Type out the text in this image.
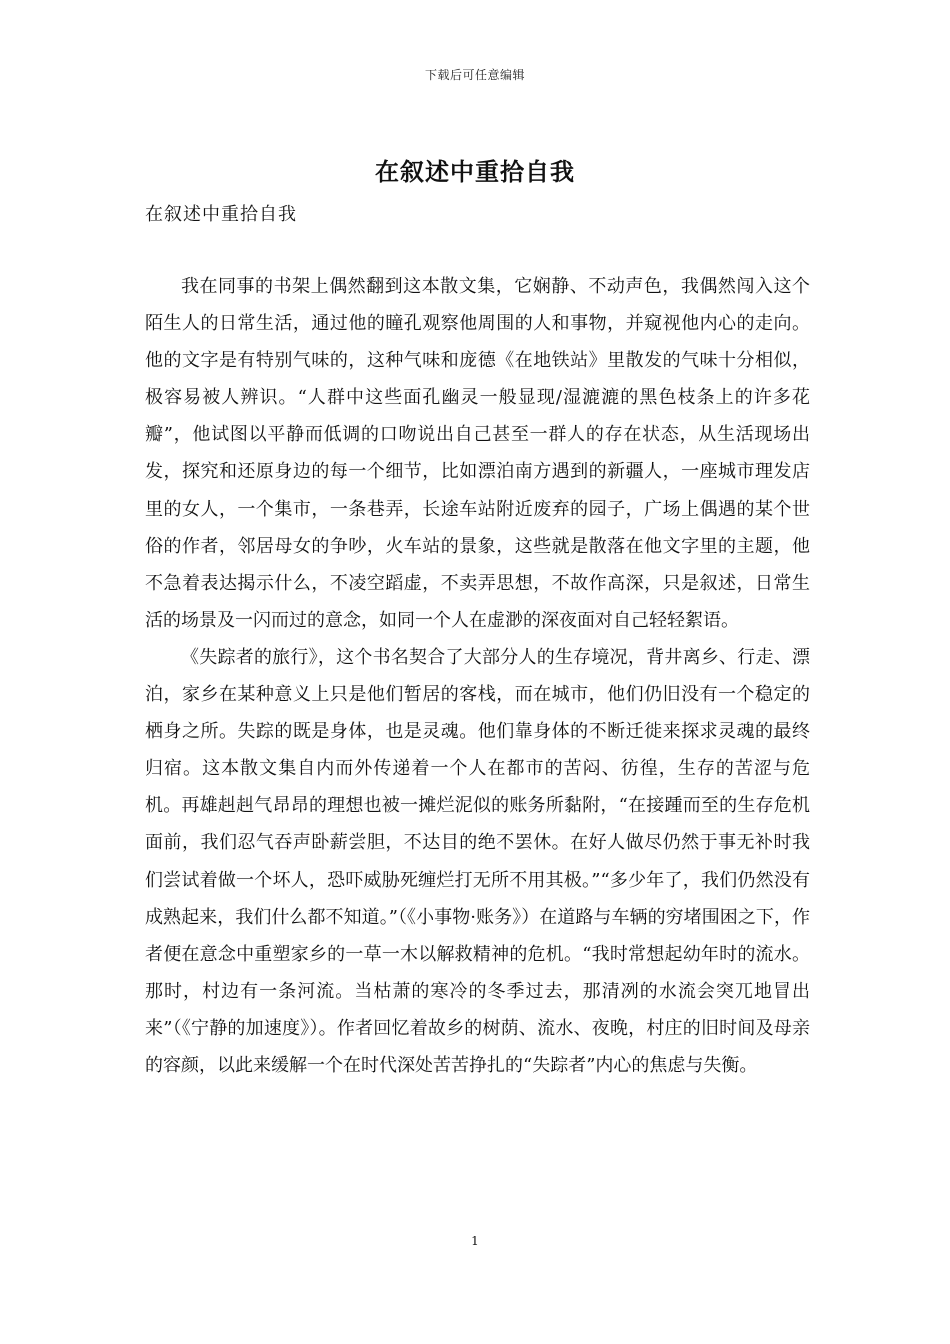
下载后可任意编辑
在叙述中重拾自我
在叙述中重拾自我

我在同事的书架上偶然翻到这本散文集，它娴静、不动声色，我偶然闯入这个陌生人的日常生活，通过他的瞳孔观察他周围的人和事物，并窥视他内心的走向。他的文字是有特别气味的，这种气味和庞德《在地铁站》里散发的气味十分相似，极容易被人辨识。“人群中这些面孔幽灵一般显现/湿漉漉的黑色枝条上的许多花瓣”，他试图以平静而低调的口吻说出自己甚至一群人的存在状态，从生活现场出发，探究和还原身边的每一个细节，比如漂泊南方遇到的新疆人，一座城市理发店里的女人，一个集市，一条巷弄，长途车站附近废弃的园子，广场上偶遇的某个世俗的作者，邻居母女的争吵，火车站的景象，这些就是散落在他文字里的主题，他不急着表达揭示什么，不凌空蹈虚，不卖弄思想，不故作高深，只是叙述，日常生活的场景及一闪而过的意念，如同一个人在虚渺的深夜面对自己轻轻絮语。

《失踪者的旅行》，这个书名契合了大部分人的生存境况，背井离乡、行走、漂泊，家乡在某种意义上只是他们暂居的客栈，而在城市，他们仍旧没有一个稳定的栖身之所。失踪的既是身体，也是灵魂。他们靠身体的不断迁徙来探求灵魂的最终归宿。这本散文集自内而外传递着一个人在都市的苦闷、彷徨，生存的苦涩与危机。再雄赳赳气昂昂的理想也被一摊烂泥似的账务所黏附，“在接踵而至的生存危机面前，我们忍气吞声卧薪尝胆，不达目的绝不罢休。在好人做尽仍然于事无补时我们尝试着做一个坏人，恐吓威胁死缠烂打无所不用其极。”“多少年了，我们仍然没有成熟起来，我们什么都不知道。”（《小事物·账务》）在道路与车辆的穷堵围困之下，作者便在意念中重塑家乡的一草一木以解救精神的危机。“我时常想起幼年时的流水。那时，村边有一条河流。当枯萧的寒冷的冬季过去，那清冽的水流会突兀地冒出来”（《宁静的加速度》）。作者回忆着故乡的树荫、流水、夜晚，村庄的旧时间及母亲的容颜，以此来缓解一个在时代深处苦苦挣扎的“失踪者”内心的焦虑与失衡。

1
